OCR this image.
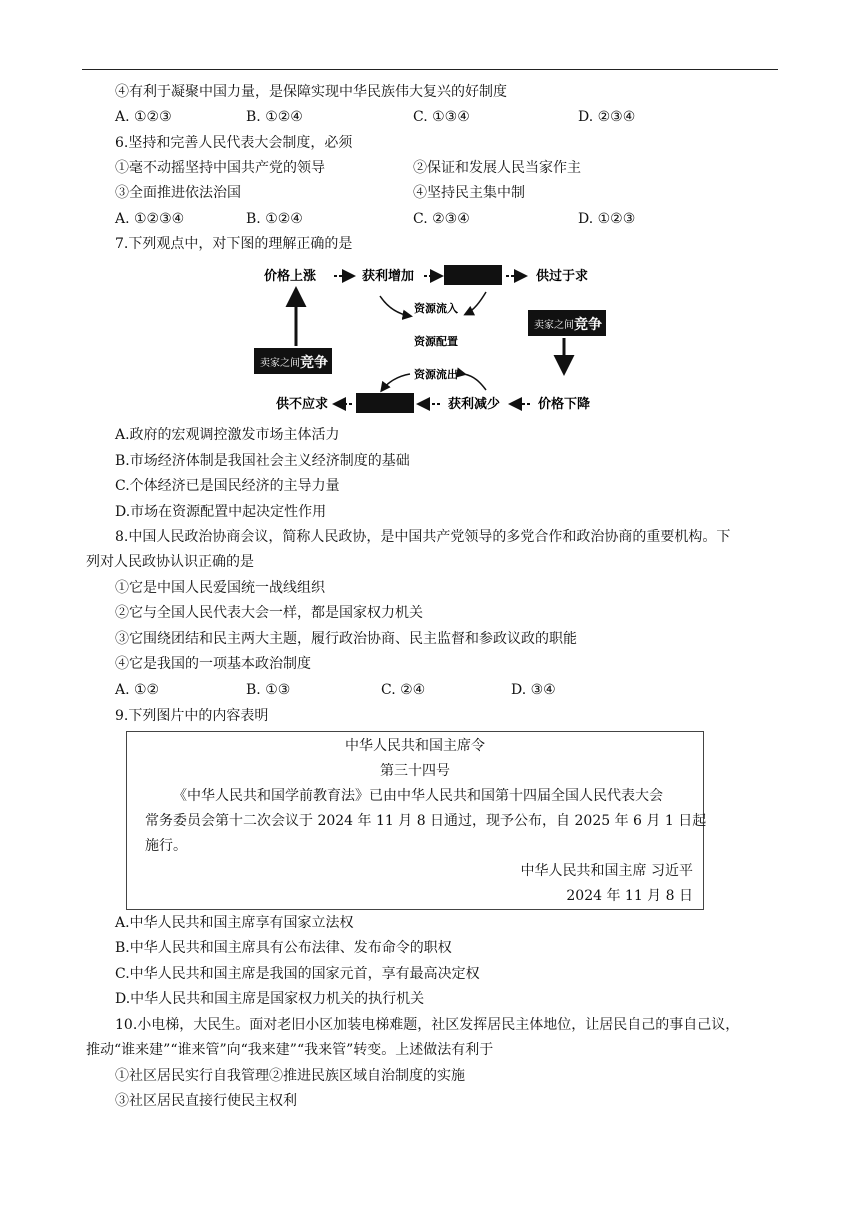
④有利于凝聚中国力量，是保障实现中华民族伟大复兴的好制度
A. ①②③	B. ①②④	C. ①③④	D. ②③④
6.坚持和完善人民代表大会制度，必须
①毫不动摇坚持中国共产党的领导	②保证和发展人民当家作主
③全面推进依法治国	④坚持民主集中制
A. ①②③④	B. ①②④	C. ②③④	D. ①②③
7.下列观点中，对下图的理解正确的是
价格上涨	获利增加	供过于求
资源流入
资源配置
资源流出
卖家之间 竞争
卖家之间 竞争
供不应求	获利减少	价格下降
A.政府的宏观调控激发市场主体活力
B.市场经济体制是我国社会主义经济制度的基础
C.个体经济已是国民经济的主导力量
D.市场在资源配置中起决定性作用
8.中国人民政治协商会议，简称人民政协，是中国共产党领导的多党合作和政治协商的重要机构。下
列对人民政协认识正确的是
①它是中国人民爱国统一战线组织
②它与全国人民代表大会一样，都是国家权力机关
③它围绕团结和民主两大主题，履行政治协商、民主监督和参政议政的职能
④它是我国的一项基本政治制度
A. ①②	B. ①③	C. ②④	D. ③④
9.下列图片中的内容表明
中华人民共和国主席令
第三十四号
《中华人民共和国学前教育法》已由中华人民共和国第十四届全国人民代表大会
常务委员会第十二次会议于 2024 年 11 月 8 日通过，现予公布，自 2025 年 6 月 1 日起
施行。
中华人民共和国主席 习近平
2024 年 11 月 8 日
A.中华人民共和国主席享有国家立法权
B.中华人民共和国主席具有公布法律、发布命令的职权
C.中华人民共和国主席是我国的国家元首，享有最高决定权
D.中华人民共和国主席是国家权力机关的执行机关
10.小电梯，大民生。面对老旧小区加装电梯难题，社区发挥居民主体地位，让居民自己的事自己议，
推动“谁来建”“谁来管”向“我来建”“我来管”转变。上述做法有利于
①社区居民实行自我管理②推进民族区域自治制度的实施
③社区居民直接行使民主权利
